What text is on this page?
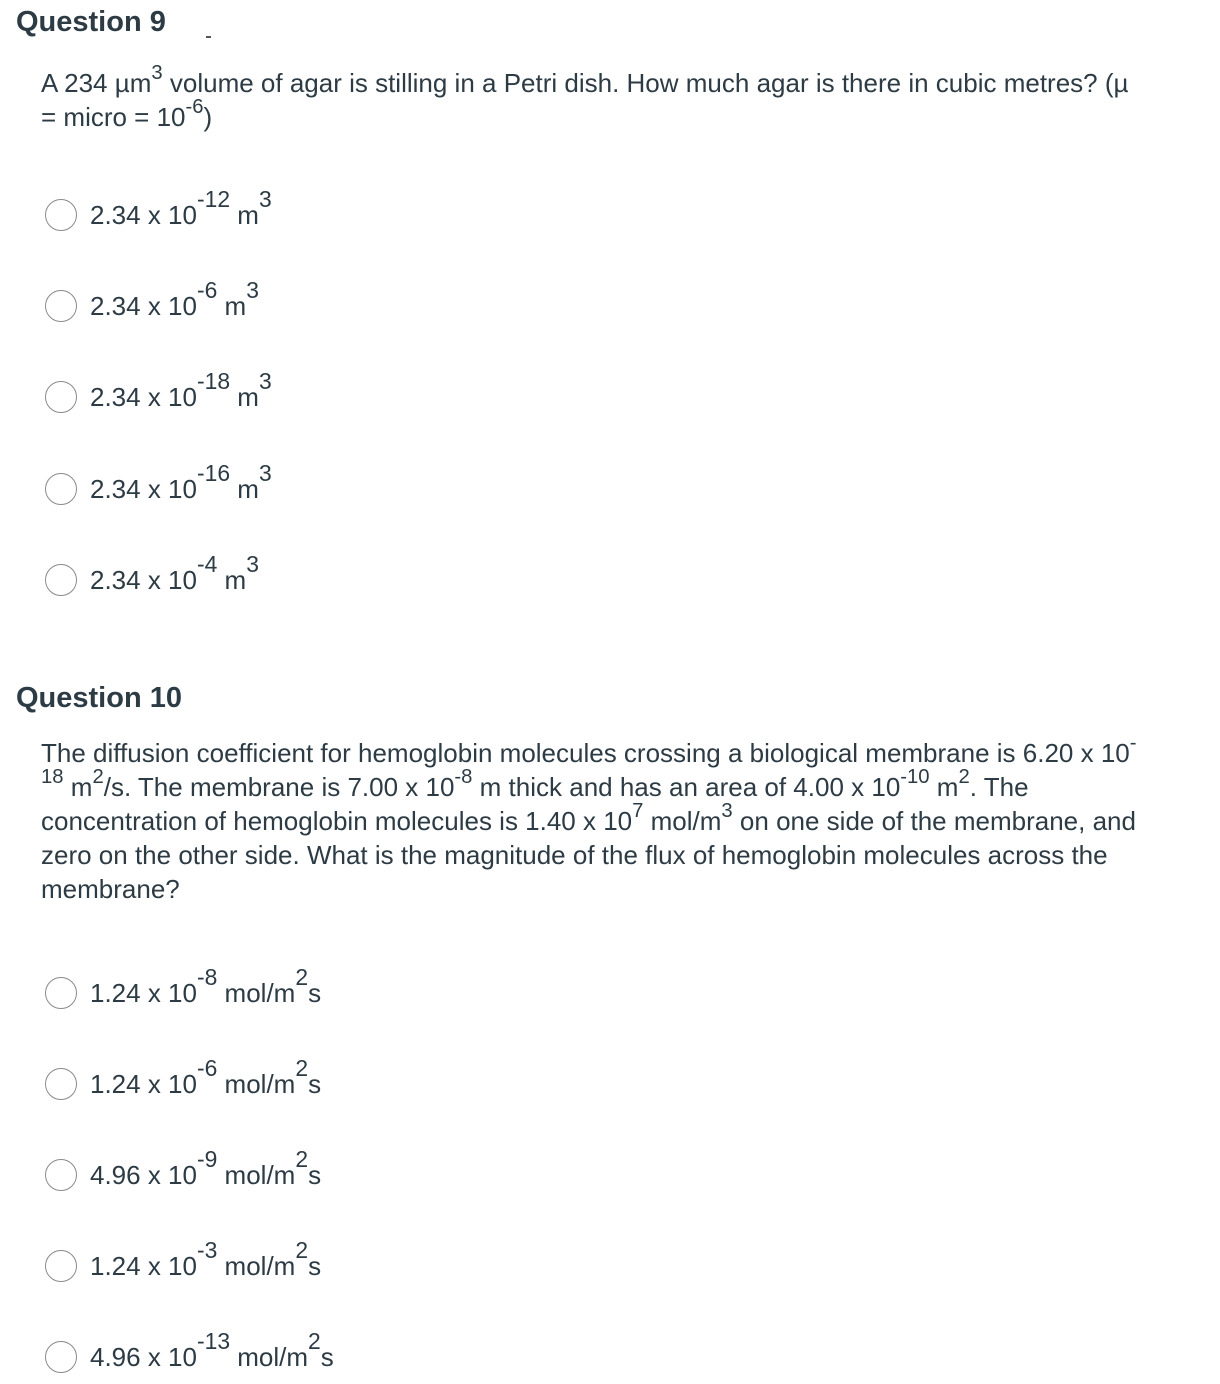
Question 9

A 234 µm$^3$ volume of agar is stilling in a Petri dish. How much agar is there in cubic metres? (µ = micro = $10^{-6}$)

2.34 x $10^{-12}$ $m^3$
2.34 x $10^{-6}$ $m^3$
2.34 x $10^{-18}$ $m^3$
2.34 x $10^{-16}$ $m^3$
2.34 x $10^{-4}$ $m^3$
Question 10

The diffusion coefficient for hemoglobin molecules crossing a biological membrane is 6.20 x $10^{-18}$ $m^2/s$. The membrane is 7.00 x $10^{-8}$ m thick and has an area of 4.00 x $10^{-10}$ $m^2$. The concentration of hemoglobin molecules is 1.40 x $10^7$ mol/$m^3$ on one side of the membrane, and zero on the other side. What is the magnitude of the flux of hemoglobin molecules across the membrane?

1.24 x $10^{-8}$ mol/$m^2s$
1.24 x $10^{-6}$ mol/$m^2s$
4.96 x $10^{-9}$ mol/$m^2s$
1.24 x $10^{-3}$ mol/$m^2s$
4.96 x $10^{-13}$ mol/$m^2s$
